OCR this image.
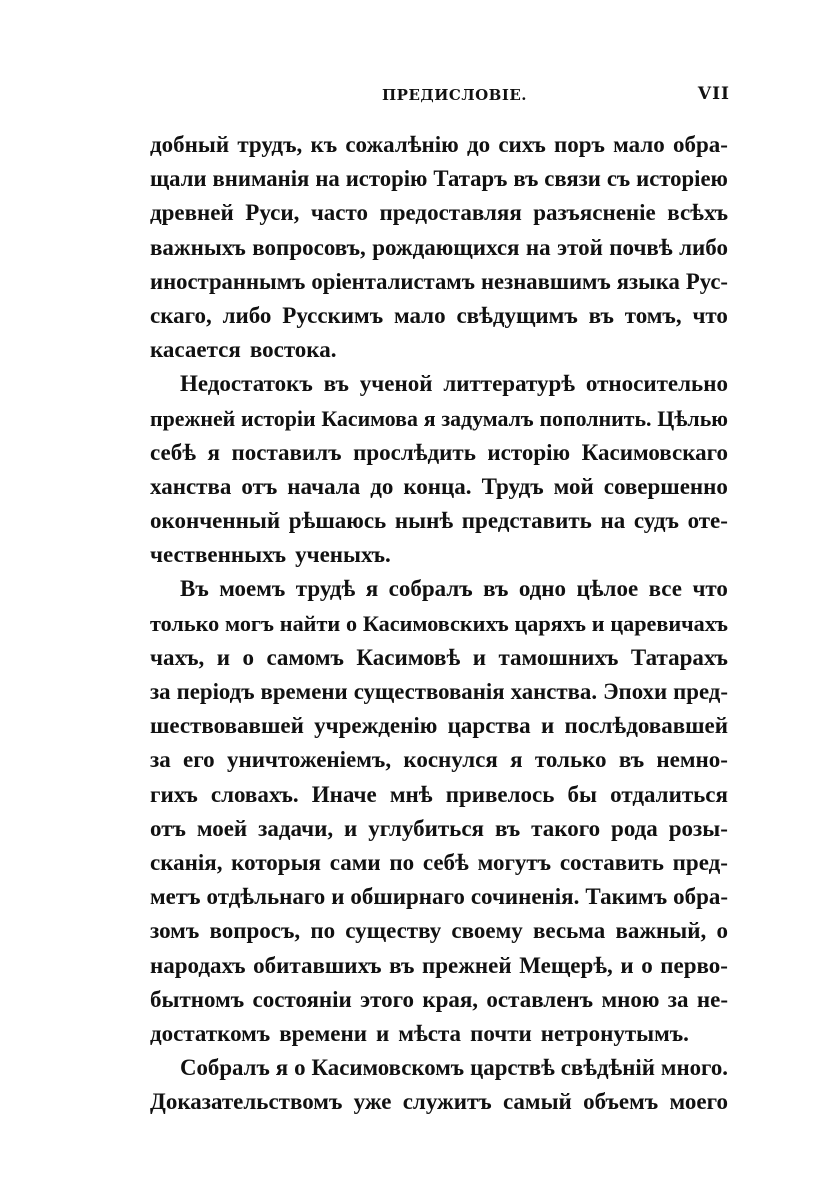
ПРЕДИСЛОВІЕ.	VII
добный трудъ, къ сожалѣнію до сихъ поръ мало обра-
щали вниманія на исторію Татаръ въ связи съ исторіею
древней Руси, часто предоставляя разъясненіе всѣхъ
важныхъ вопросовъ, рождающихся на этой почвѣ либо
иностраннымъ оріенталистамъ незнавшимъ языка Рус-
скаго, либо Русскимъ мало свѣдущимъ въ томъ, что
касается востока.
Недостатокъ въ ученой литтературѣ относительно
прежней исторіи Касимова я задумалъ пополнить. Цѣлью
себѣ я поставилъ прослѣдить исторію Касимовскаго
ханства отъ начала до конца. Трудъ мой совершенно
оконченный рѣшаюсь нынѣ представить на судъ оте-
чественныхъ ученыхъ.
Въ моемъ трудѣ я собралъ въ одно цѣлое все что
только могъ найти о Касимовскихъ царяхъ и царевичахъ
чахъ, и о самомъ Касимовѣ и тамошнихъ Татарахъ
за періодъ времени существованія ханства. Эпохи пред-
шествовавшей учрежденію царства и послѣдовавшей
за его уничтоженіемъ, коснулся я только въ немно-
гихъ словахъ. Иначе мнѣ привелось бы отдалиться
отъ моей задачи, и углубиться въ такого рода розы-
сканія, которыя сами по себѣ могутъ составить пред-
метъ отдѣльнаго и обширнаго сочиненія. Такимъ обра-
зомъ вопросъ, по существу своему весьма важный, о
народахъ обитавшихъ въ прежней Мещерѣ, и о перво-
бытномъ состояніи этого края, оставленъ мною за не-
достаткомъ времени и мѣста почти нетронутымъ.
Собралъ я о Касимовскомъ царствѣ свѣдѣній много.
Доказательствомъ уже служитъ самый объемъ моего
